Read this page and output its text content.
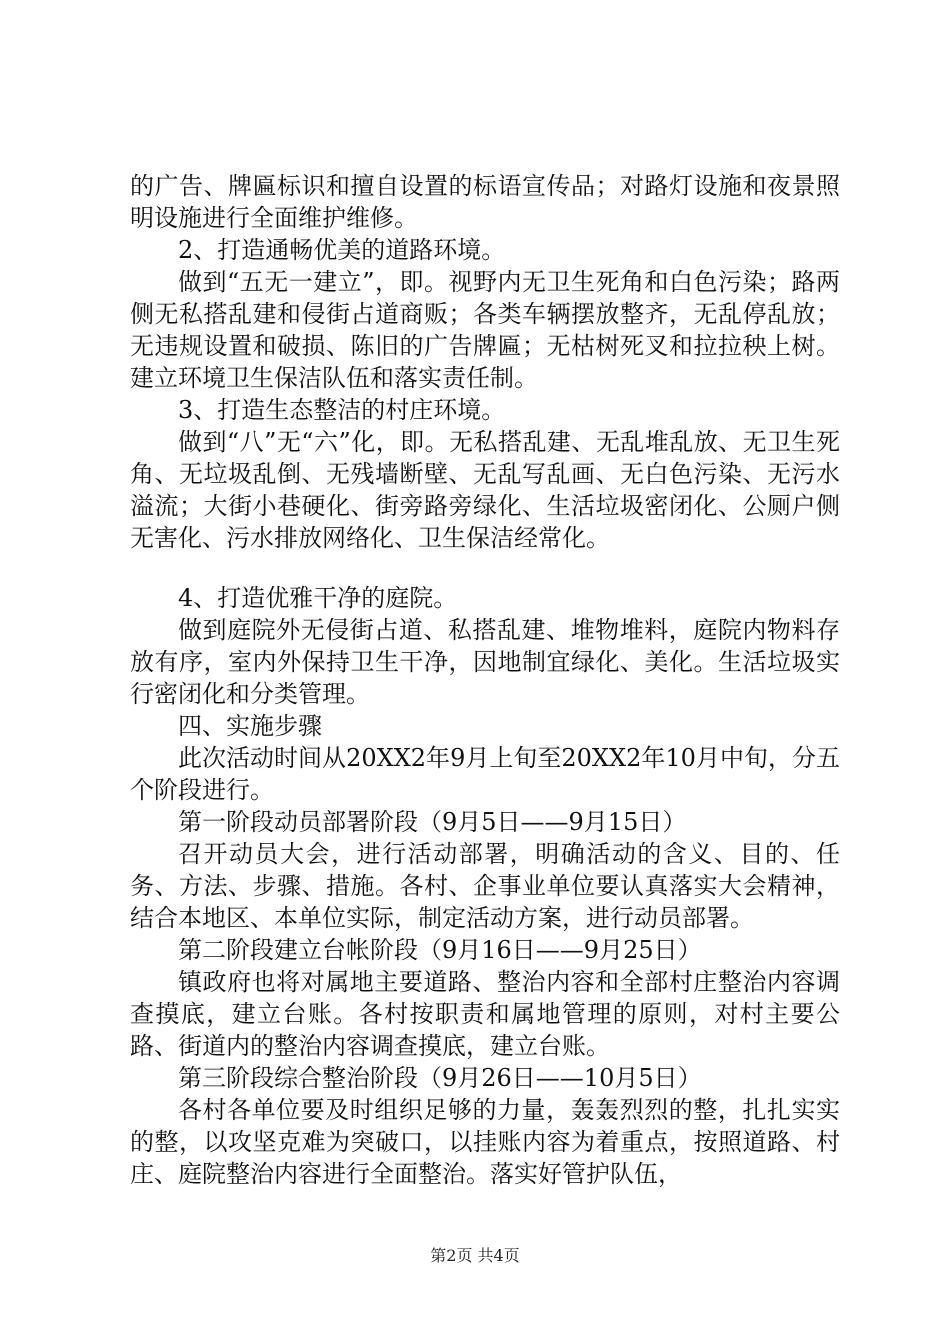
的广告、牌匾标识和擅自设置的标语宣传品；对路灯设施和夜景照明设施进行全面维护维修。

2、打造通畅优美的道路环境。

做到“五无一建立”，即。视野内无卫生死角和白色污染；路两侧无私搭乱建和侵街占道商贩；各类车辆摆放整齐，无乱停乱放；无违规设置和破损、陈旧的广告牌匾；无枯树死叉和拉拉秧上树。建立环境卫生保洁队伍和落实责任制。

3、打造生态整洁的村庄环境。

做到“八”无“六”化，即。无私搭乱建、无乱堆乱放、无卫生死角、无垃圾乱倒、无残墙断壁、无乱写乱画、无白色污染、无污水溢流；大街小巷硬化、街旁路旁绿化、生活垃圾密闭化、公厕户侧无害化、污水排放网络化、卫生保洁经常化。

4、打造优雅干净的庭院。

做到庭院外无侵街占道、私搭乱建、堆物堆料，庭院内物料存放有序，室内外保持卫生干净，因地制宜绿化、美化。生活垃圾实行密闭化和分类管理。

四、实施步骤

此次活动时间从20XX2年9月上旬至20XX2年10月中旬，分五个阶段进行。

第一阶段动员部署阶段（9月5日——9月15日）

召开动员大会，进行活动部署，明确活动的含义、目的、任务、方法、步骤、措施。各村、企事业单位要认真落实大会精神，结合本地区、本单位实际，制定活动方案，进行动员部署。

第二阶段建立台帐阶段（9月16日——9月25日）

镇政府也将对属地主要道路、整治内容和全部村庄整治内容调查摸底，建立台账。各村按职责和属地管理的原则，对村主要公路、街道内的整治内容调查摸底，建立台账。

第三阶段综合整治阶段（9月26日——10月5日）

各村各单位要及时组织足够的力量，轰轰烈烈的整，扎扎实实的整，以攻坚克难为突破口，以挂账内容为着重点，按照道路、村庄、庭院整治内容进行全面整治。落实好管护队伍，

第2页 共4页
